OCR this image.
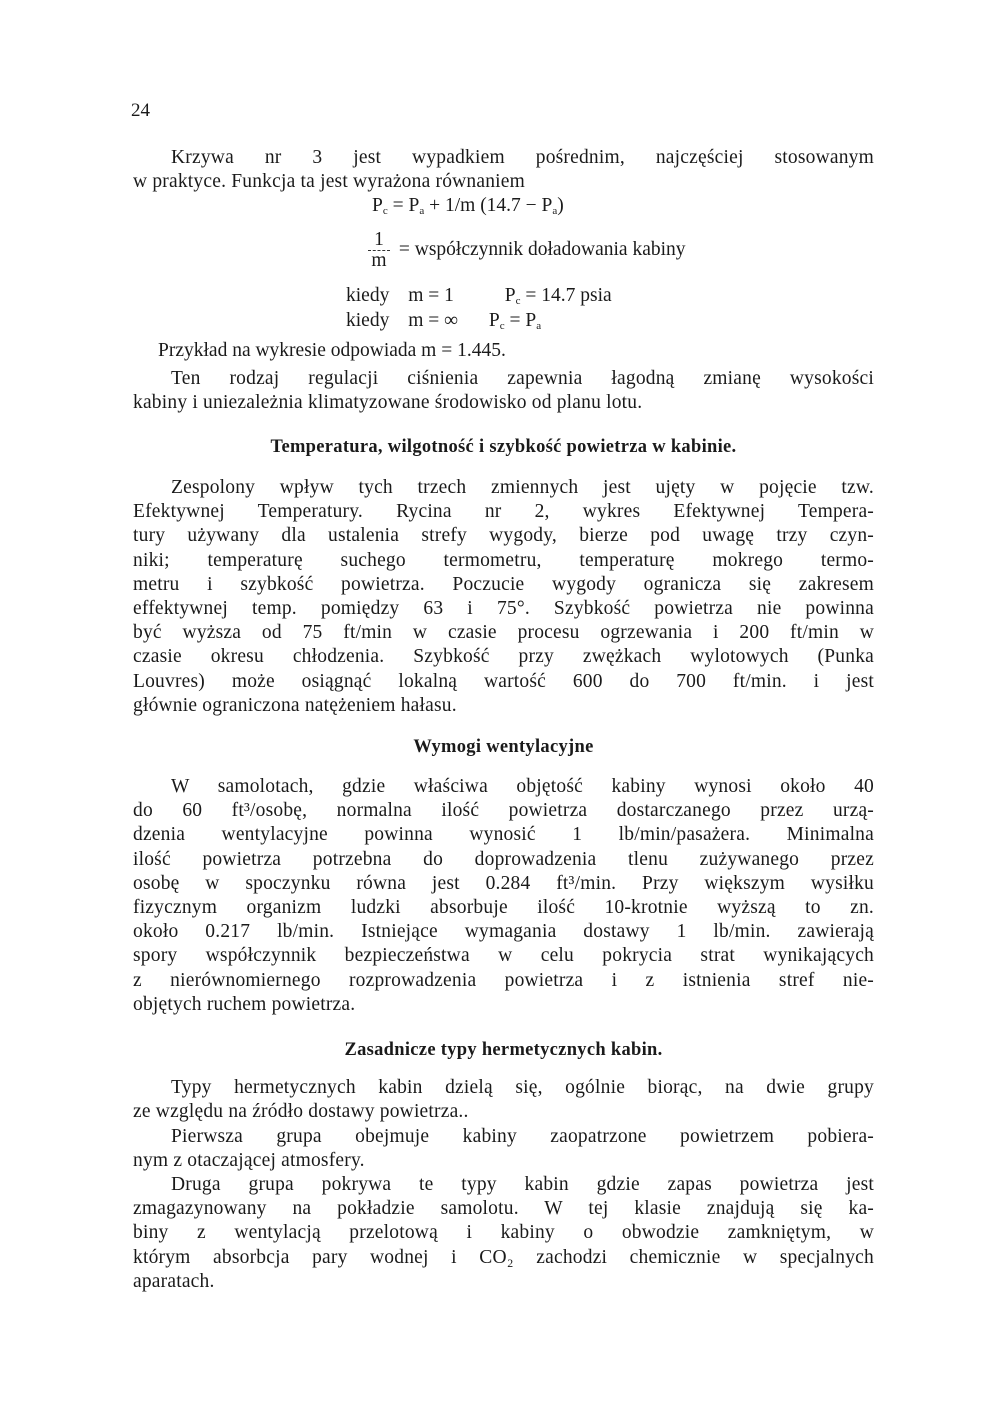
24
Krzywa nr 3 jest wypadkiem pośrednim, najczęściej stosowanym
w praktyce. Funkcja ta jest wyrażona równaniem
$P_c = P_a + 1/m$ $(14.7 - P_a)$
$\frac{1}{m}$ = współczynnik doładowania kabiny
kiedy m = 1	$P_c = 14.7$ psia
kiedy m = ∞ $P_c = P_a$
Przykład na wykresie odpowiada m = 1.445.
Ten rodzaj regulacji ciśnienia zapewnia łagodną zmianę wysokości
kabiny i uniezależnia klimatyzowane środowisko od planu lotu.
Temperatura, wilgotność i szybkość powietrza w kabinie.
Zespolony wpływ tych trzech zmiennych jest ujęty w pojęcie tzw.
Efektywnej Temperatury. Rycina nr 2, wykres Efektywnej Tempera-
tury używany dla ustalenia strefy wygody, bierze pod uwagę trzy czyn-
niki; temperaturę suchego termometru, temperaturę mokrego termo-
metru i szybkość powietrza. Poczucie wygody ogranicza się zakresem
effektywnej temp. pomiędzy 63 i 75°. Szybkość powietrza nie powinna
być wyższa od 75 ft/min w czasie procesu ogrzewania i 200 ft/min w
czasie okresu chłodzenia. Szybkość przy zwężkach wylotowych (Punka
Louvres) może osiągnąć lokalną wartość 600 do 700 ft/min. i jest
głównie ograniczona natężeniem hałasu.
Wymogi wentylacyjne
W samolotach, gdzie właściwa objętość kabiny wynosi około 40
do 60 ft³/osobę, normalna ilość powietrza dostarczanego przez urzą-
dzenia wentylacyjne powinna wynosić 1 lb/min/pasażera. Minimalna
ilość powietrza potrzebna do doprowadzenia tlenu zużywanego przez
osobę w spoczynku równa jest 0.284 ft³/min. Przy większym wysiłku
fizycznym organizm ludzki absorbuje ilość 10-krotnie wyższą to zn.
około 0.217 lb/min. Istniejące wymagania dostawy 1 lb/min. zawierają
spory współczynnik bezpieczeństwa w celu pokrycia strat wynikających
z nierównomiernego rozprowadzenia powietrza i z istnienia stref nie-
objętych ruchem powietrza.
Zasadnicze typy hermetycznych kabin.
Typy hermetycznych kabin dzielą się, ogólnie biorąc, na dwie grupy
ze względu na źródło dostawy powietrza..
Pierwsza grupa obejmuje kabiny zaopatrzone powietrzem pobiera-
nym z otaczającej atmosfery.
Druga grupa pokrywa te typy kabin gdzie zapas powietrza jest
zmagazynowany na pokładzie samolotu. W tej klasie znajdują się ka-
biny z wentylacją przelotową i kabiny o obwodzie zamkniętym, w
którym absorbcja pary wodnej i CO₂ zachodzi chemicznie w specjalnych
aparatach.
